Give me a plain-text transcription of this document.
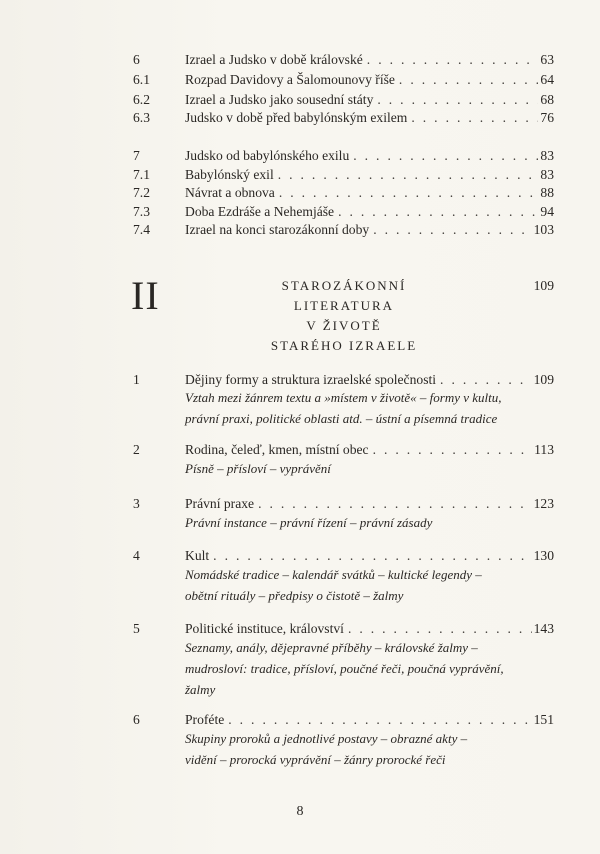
6	Izrael a Judsko v době královské . . .	63
6.1	Rozpad Davidovy a Šalomounovy říše . . .	64
6.2	Izrael a Judsko jako sousední státy . . .	68
6.3	Judsko v době před babylónským exilem . . .	76
7	Judsko od babylónského exilu . . .	83
7.1	Babylónský exil . . .	83
7.2	Návrat a obnova . . .	88
7.3	Doba Ezdráše a Nehemjáše . . .	94
7.4	Izrael na konci starozákonní doby . . .	103
II	STAROZÁKONNÍ
LITERATURA
V ŽIVOTĚ
STARÉHO IZRAELE
109
1	Dějiny formy a struktura izraelské společnosti . . .	109
Vztah mezi žánrem textu a »místem v životě« – formy v kultu,
právní praxi, politické oblasti atd. – ústní a písemná tradice
2	Rodina, čeleď, kmen, místní obec . . .	113
Písně – přísloví – vyprávění
3	Právní praxe . . .	123
Právní instance – právní řízení – právní zásady
4	Kult . . .	130
Nomádské tradice – kalendář svátků – kultické legendy –
obětní rituály – předpisy o čistotě – žalmy
5	Politické instituce, království . . .	143
Seznamy, anály, dějepravné příběhy – královské žalmy –
mudrosloví: tradice, přísloví, poučné řeči, poučná vyprávění,
žalmy
6	Proféte . . .	151
Skupiny proroků a jednotlivé postavy – obrazné akty –
vidění – prorocká vyprávění – žánry prorocké řeči
8
